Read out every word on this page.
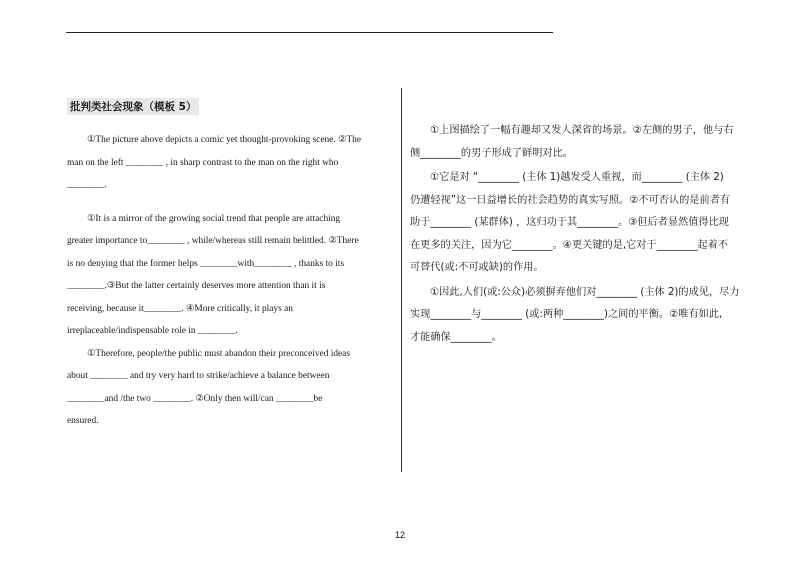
批判类社会现象（模板 5）

①The picture above depicts a comic yet thought-provoking scene. ②The

man on the left ________ , in sharp contrast to the man on the right who

________.

①It is a mirror of the growing social trend that people are attaching

greater importance to________ , while/whereas still remain belittled. ②There

is no denying that the former helps ________with________ , thanks to its

________.③But the latter certainly deserves more attention than it is

receiving, because it________. ④More critically, it plays an

irreplaceable/indispensable role in ________.

①Therefore, people/the public must abandon their preconceived ideas

about ________ and try very hard to strike/achieve a balance between

________and /the two ________. ②Only then will/can ________be

ensured.

①上图描绘了一幅有趣却又发人深省的场景。②左侧的男子，他与右

侧________的男子形成了鲜明对比。

①它是对 “________ (主体 1)越发受人重视，而________ (主体 2)

仍遭轻视”这一日益增长的社会趋势的真实写照。②不可否认的是前者有

助于________ (某群体) ，这归功于其________。③但后者显然值得比现

在更多的关注，因为它________。④更关键的是,它对于________起着不

可替代(或:不可或缺)的作用。

①因此,人们(或:公众)必须摒弃他们对________ (主体 2)的成见，尽力

实现________与________ (或:两种________)之间的平衡。②唯有如此,

才能确保________。

12
